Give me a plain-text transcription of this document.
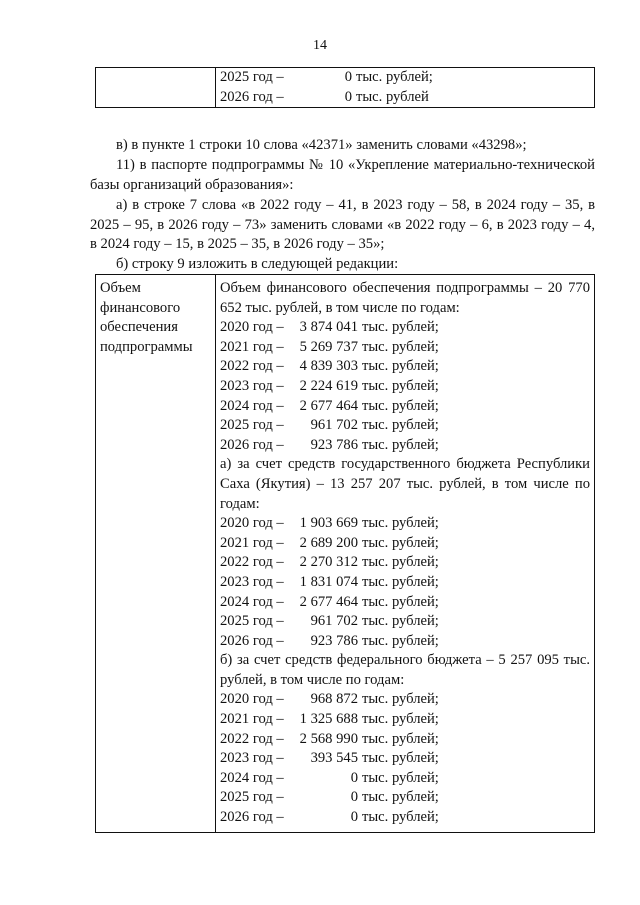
14

2025 год –	0 тыс. рублей;
2026 год –	0 тыс. рублей
в) в пункте 1 строки 10 слова «42371» заменить словами «43298»;
11) в паспорте подпрограммы № 10 «Укрепление материально-технической базы организаций образования»:
а) в строке 7 слова «в 2022 году – 41, в 2023 году – 58, в 2024 году – 35, в 2025 – 95, в 2026 году – 73» заменить словами «в 2022 году – 6, в 2023 году – 4, в 2024 году – 15, в 2025 – 35, в 2026 году – 35»;
б) строку 9 изложить в следующей редакции:
Объем финансового обеспечения подпрограммы

Объем финансового обеспечения подпрограммы – 20 770 652 тыс. рублей, в том числе по годам:
2020 год –	3 874 041 тыс. рублей;
2021 год –	5 269 737 тыс. рублей;
2022 год –	4 839 303 тыс. рублей;
2023 год –	2 224 619 тыс. рублей;
2024 год –	2 677 464 тыс. рублей;
2025 год –	961 702 тыс. рублей;
2026 год –	923 786 тыс. рублей;
а) за счет средств государственного бюджета Республики Саха (Якутия) – 13 257 207 тыс. рублей, в том числе по годам:
2020 год –	1 903 669 тыс. рублей;
2021 год –	2 689 200 тыс. рублей;
2022 год –	2 270 312 тыс. рублей;
2023 год –	1 831 074 тыс. рублей;
2024 год –	2 677 464 тыс. рублей;
2025 год –	961 702 тыс. рублей;
2026 год –	923 786 тыс. рублей;
б) за счет средств федерального бюджета – 5 257 095 тыс. рублей, в том числе по годам:
2020 год –	968 872 тыс. рублей;
2021 год –	1 325 688 тыс. рублей;
2022 год –	2 568 990 тыс. рублей;
2023 год –	393 545 тыс. рублей;
2024 год –	0 тыс. рублей;
2025 год –	0 тыс. рублей;
2026 год –	0 тыс. рублей;
